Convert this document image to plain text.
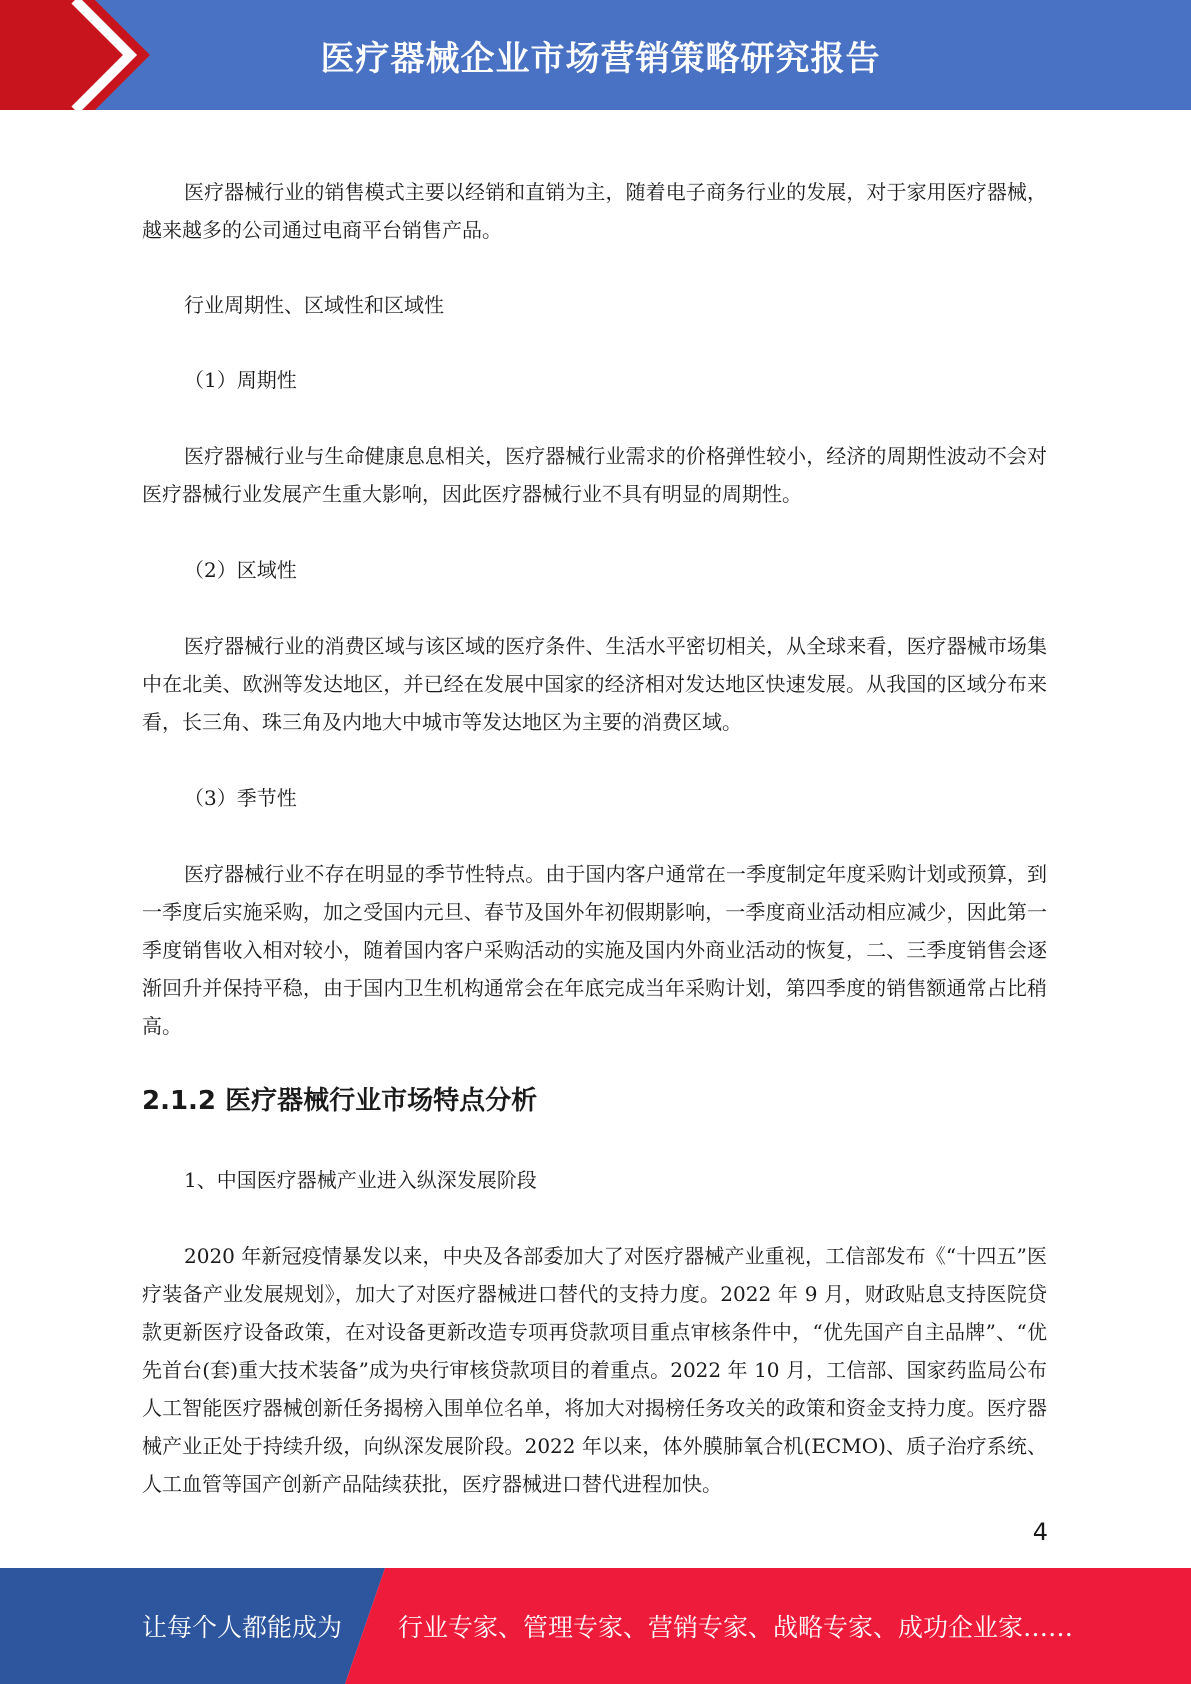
医疗器械企业市场营销策略研究报告

医疗器械行业的销售模式主要以经销和直销为主，随着电子商务行业的发展，对于家用医疗器械，越来越多的公司通过电商平台销售产品。

行业周期性、区域性和区域性

（1）周期性

医疗器械行业与生命健康息息相关，医疗器械行业需求的价格弹性较小，经济的周期性波动不会对医疗器械行业发展产生重大影响，因此医疗器械行业不具有明显的周期性。

（2）区域性

医疗器械行业的消费区域与该区域的医疗条件、生活水平密切相关，从全球来看，医疗器械市场集中在北美、欧洲等发达地区，并已经在发展中国家的经济相对发达地区快速发展。从我国的区域分布来看，长三角、珠三角及内地大中城市等发达地区为主要的消费区域。

（3）季节性

医疗器械行业不存在明显的季节性特点。由于国内客户通常在一季度制定年度采购计划或预算，到一季度后实施采购，加之受国内元旦、春节及国外年初假期影响，一季度商业活动相应减少，因此第一季度销售收入相对较小，随着国内客户采购活动的实施及国内外商业活动的恢复，二、三季度销售会逐渐回升并保持平稳，由于国内卫生机构通常会在年底完成当年采购计划，第四季度的销售额通常占比稍高。

2.1.2 医疗器械行业市场特点分析

1、中国医疗器械产业进入纵深发展阶段

2020 年新冠疫情暴发以来，中央及各部委加大了对医疗器械产业重视，工信部发布《“十四五”医疗装备产业发展规划》，加大了对医疗器械进口替代的支持力度。2022 年 9 月，财政贴息支持医院贷款更新医疗设备政策，在对设备更新改造专项再贷款项目重点审核条件中，“优先国产自主品牌”、“优先首台(套)重大技术装备”成为央行审核贷款项目的着重点。2022 年 10 月，工信部、国家药监局公布人工智能医疗器械创新任务揭榜入围单位名单，将加大对揭榜任务攻关的政策和资金支持力度。医疗器械产业正处于持续升级，向纵深发展阶段。2022 年以来，体外膜肺氧合机(ECMO)、质子治疗系统、人工血管等国产创新产品陆续获批，医疗器械进口替代进程加快。

4
让每个人都能成为 行业专家、管理专家、营销专家、战略专家、成功企业家……
